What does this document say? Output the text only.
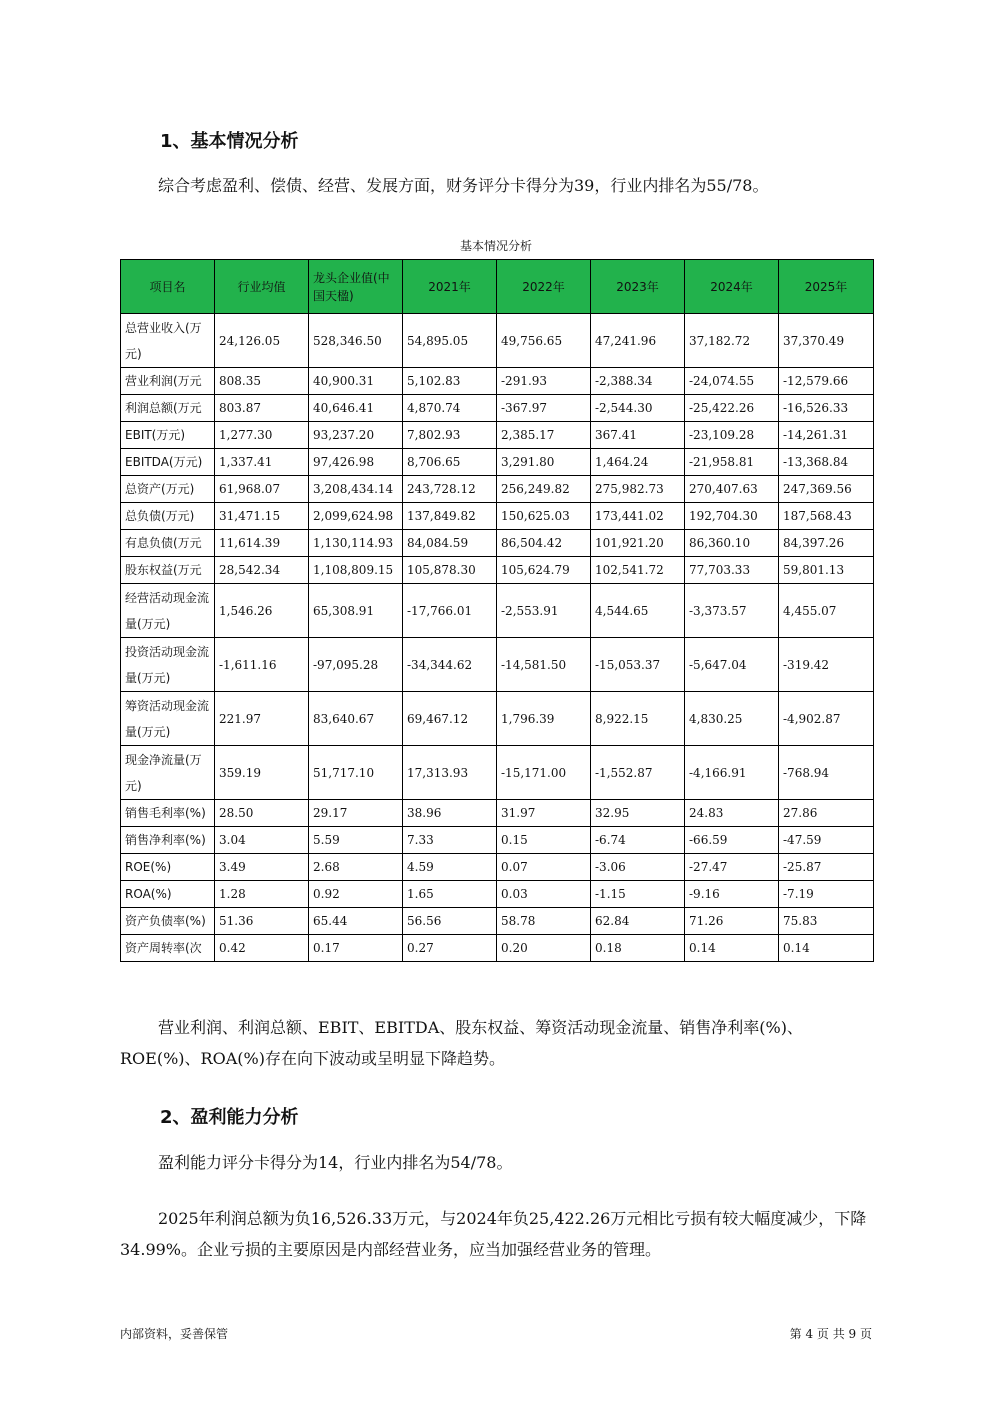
1、基本情况分析

综合考虑盈利、偿债、经营、发展方面，财务评分卡得分为39，行业内排名为55/78。

基本情况分析
项目名	行业均值	龙头企业值(中国天楹)	2021年	2022年	2023年	2024年	2025年
总营业收入(万元)	24,126.05	528,346.50	54,895.05	49,756.65	47,241.96	37,182.72	37,370.49
营业利润(万元	808.35	40,900.31	5,102.83	-291.93	-2,388.34	-24,074.55	-12,579.66
利润总额(万元	803.87	40,646.41	4,870.74	-367.97	-2,544.30	-25,422.26	-16,526.33
EBIT(万元)	1,277.30	93,237.20	7,802.93	2,385.17	367.41	-23,109.28	-14,261.31
EBITDA(万元)	1,337.41	97,426.98	8,706.65	3,291.80	1,464.24	-21,958.81	-13,368.84
总资产(万元)	61,968.07	3,208,434.14	243,728.12	256,249.82	275,982.73	270,407.63	247,369.56
总负债(万元)	31,471.15	2,099,624.98	137,849.82	150,625.03	173,441.02	192,704.30	187,568.43
有息负债(万元	11,614.39	1,130,114.93	84,084.59	86,504.42	101,921.20	86,360.10	84,397.26
股东权益(万元	28,542.34	1,108,809.15	105,878.30	105,624.79	102,541.72	77,703.33	59,801.13
经营活动现金流量(万元)	1,546.26	65,308.91	-17,766.01	-2,553.91	4,544.65	-3,373.57	4,455.07
投资活动现金流量(万元)	-1,611.16	-97,095.28	-34,344.62	-14,581.50	-15,053.37	-5,647.04	-319.42
筹资活动现金流量(万元)	221.97	83,640.67	69,467.12	1,796.39	8,922.15	4,830.25	-4,902.87
现金净流量(万元)	359.19	51,717.10	17,313.93	-15,171.00	-1,552.87	-4,166.91	-768.94
销售毛利率(%)	28.50	29.17	38.96	31.97	32.95	24.83	27.86
销售净利率(%)	3.04	5.59	7.33	0.15	-6.74	-66.59	-47.59
ROE(%)	3.49	2.68	4.59	0.07	-3.06	-27.47	-25.87
ROA(%)	1.28	0.92	1.65	0.03	-1.15	-9.16	-7.19
资产负债率(%)	51.36	65.44	56.56	58.78	62.84	71.26	75.83
资产周转率(次	0.42	0.17	0.27	0.20	0.18	0.14	0.14

营业利润、利润总额、EBIT、EBITDA、股东权益、筹资活动现金流量、销售净利率(%)、ROE(%)、ROA(%)存在向下波动或呈明显下降趋势。

2、盈利能力分析

盈利能力评分卡得分为14，行业内排名为54/78。

2025年利润总额为负16,526.33万元，与2024年负25,422.26万元相比亏损有较大幅度减少，下降34.99%。企业亏损的主要原因是内部经营业务，应当加强经营业务的管理。

内部资料，妥善保管	第 4 页 共 9 页
